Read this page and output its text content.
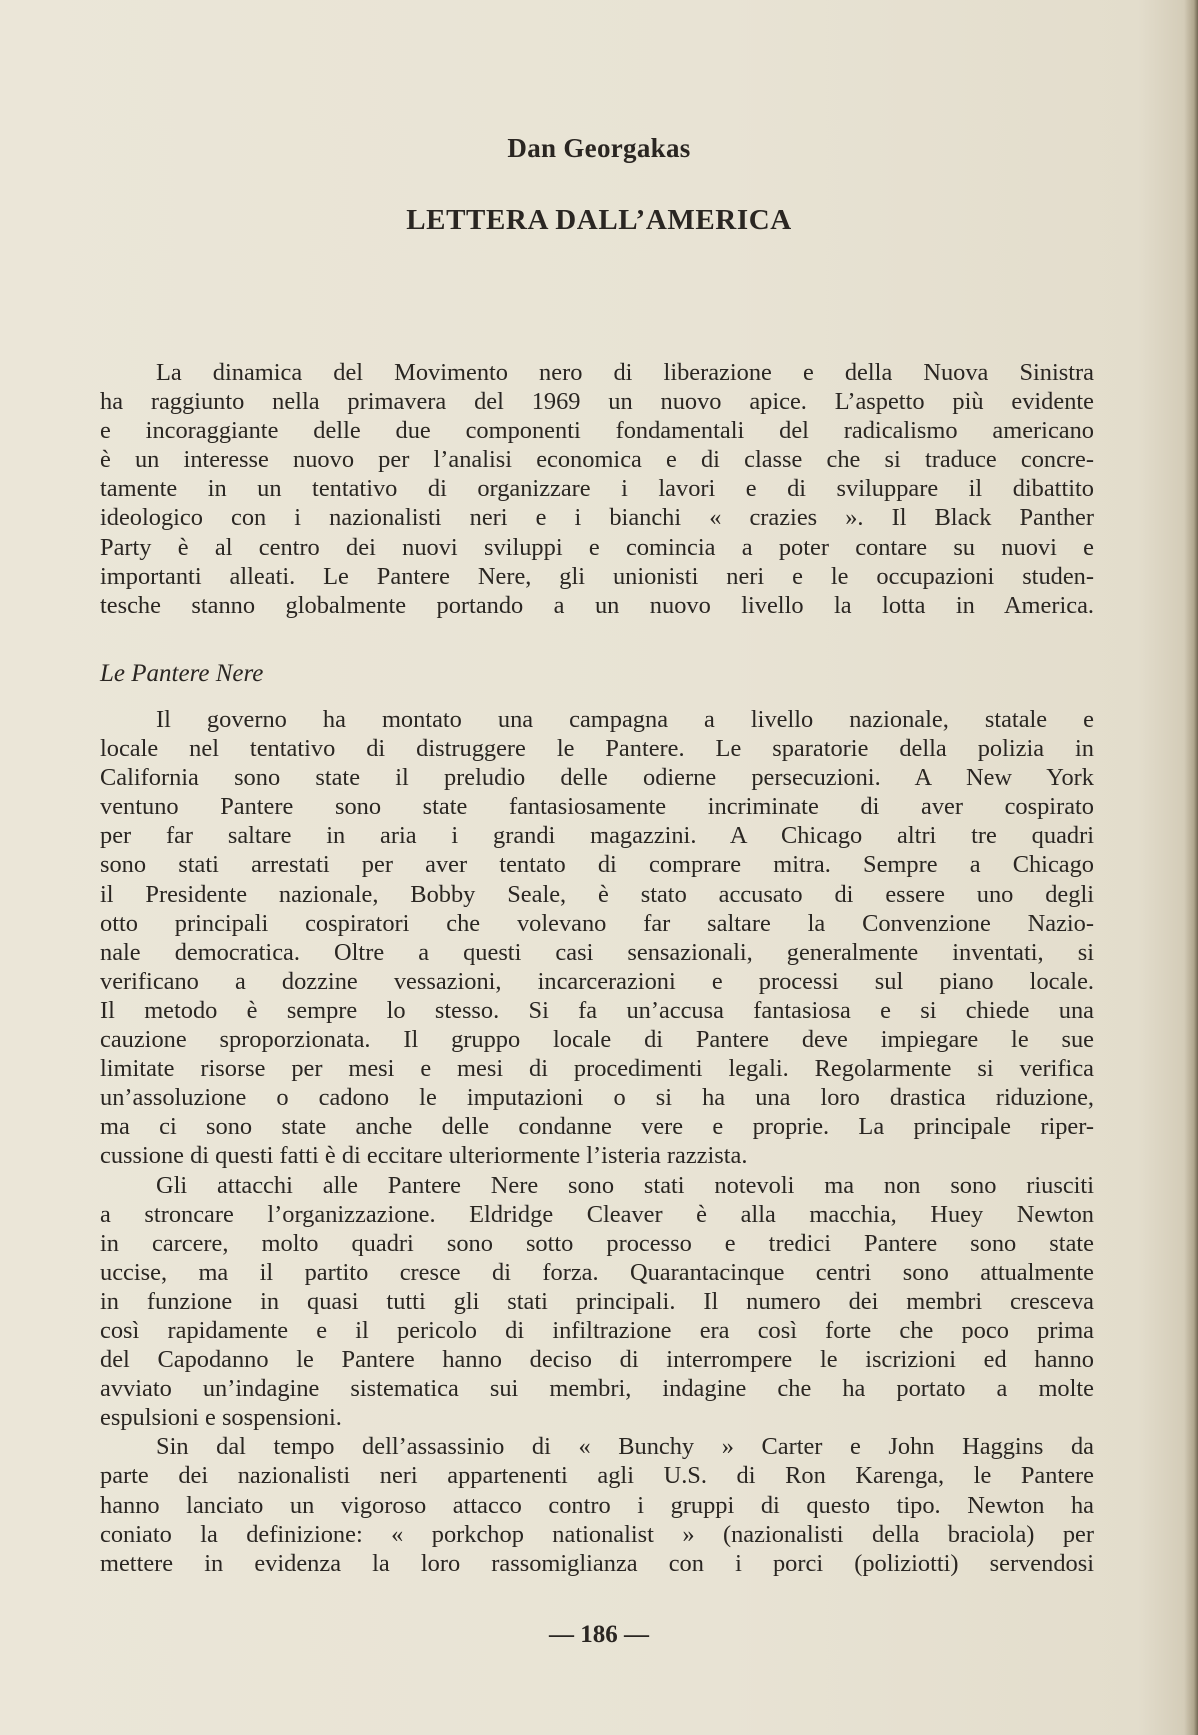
Dan Georgakas
LETTERA DALL’AMERICA
La dinamica del Movimento nero di liberazione e della Nuova Sinistra
ha raggiunto nella primavera del 1969 un nuovo apice. L’aspetto più evidente
e incoraggiante delle due componenti fondamentali del radicalismo americano
è un interesse nuovo per l’analisi economica e di classe che si traduce concre-
tamente in un tentativo di organizzare i lavori e di sviluppare il dibattito
ideologico con i nazionalisti neri e i bianchi « crazies ». Il Black Panther
Party è al centro dei nuovi sviluppi e comincia a poter contare su nuovi e
importanti alleati. Le Pantere Nere, gli unionisti neri e le occupazioni studen-
tesche stanno globalmente portando a un nuovo livello la lotta in America.
Le Pantere Nere
Il governo ha montato una campagna a livello nazionale, statale e
locale nel tentativo di distruggere le Pantere. Le sparatorie della polizia in
California sono state il preludio delle odierne persecuzioni. A New York
ventuno Pantere sono state fantasiosamente incriminate di aver cospirato
per far saltare in aria i grandi magazzini. A Chicago altri tre quadri
sono stati arrestati per aver tentato di comprare mitra. Sempre a Chicago
il Presidente nazionale, Bobby Seale, è stato accusato di essere uno degli
otto principali cospiratori che volevano far saltare la Convenzione Nazio-
nale democratica. Oltre a questi casi sensazionali, generalmente inventati, si
verificano a dozzine vessazioni, incarcerazioni e processi sul piano locale.
Il metodo è sempre lo stesso. Si fa un’accusa fantasiosa e si chiede una
cauzione sproporzionata. Il gruppo locale di Pantere deve impiegare le sue
limitate risorse per mesi e mesi di procedimenti legali. Regolarmente si verifica
un’assoluzione o cadono le imputazioni o si ha una loro drastica riduzione,
ma ci sono state anche delle condanne vere e proprie. La principale riper-
cussione di questi fatti è di eccitare ulteriormente l’isteria razzista.
Gli attacchi alle Pantere Nere sono stati notevoli ma non sono riusciti
a stroncare l’organizzazione. Eldridge Cleaver è alla macchia, Huey Newton
in carcere, molto quadri sono sotto processo e tredici Pantere sono state
uccise, ma il partito cresce di forza. Quarantacinque centri sono attualmente
in funzione in quasi tutti gli stati principali. Il numero dei membri cresceva
così rapidamente e il pericolo di infiltrazione era così forte che poco prima
del Capodanno le Pantere hanno deciso di interrompere le iscrizioni ed hanno
avviato un’indagine sistematica sui membri, indagine che ha portato a molte
espulsioni e sospensioni.
Sin dal tempo dell’assassinio di « Bunchy » Carter e John Haggins da
parte dei nazionalisti neri appartenenti agli U.S. di Ron Karenga, le Pantere
hanno lanciato un vigoroso attacco contro i gruppi di questo tipo. Newton ha
coniato la definizione: « porkchop nationalist » (nazionalisti della braciola) per
mettere in evidenza la loro rassomiglianza con i porci (poliziotti) servendosi
— 186 —
